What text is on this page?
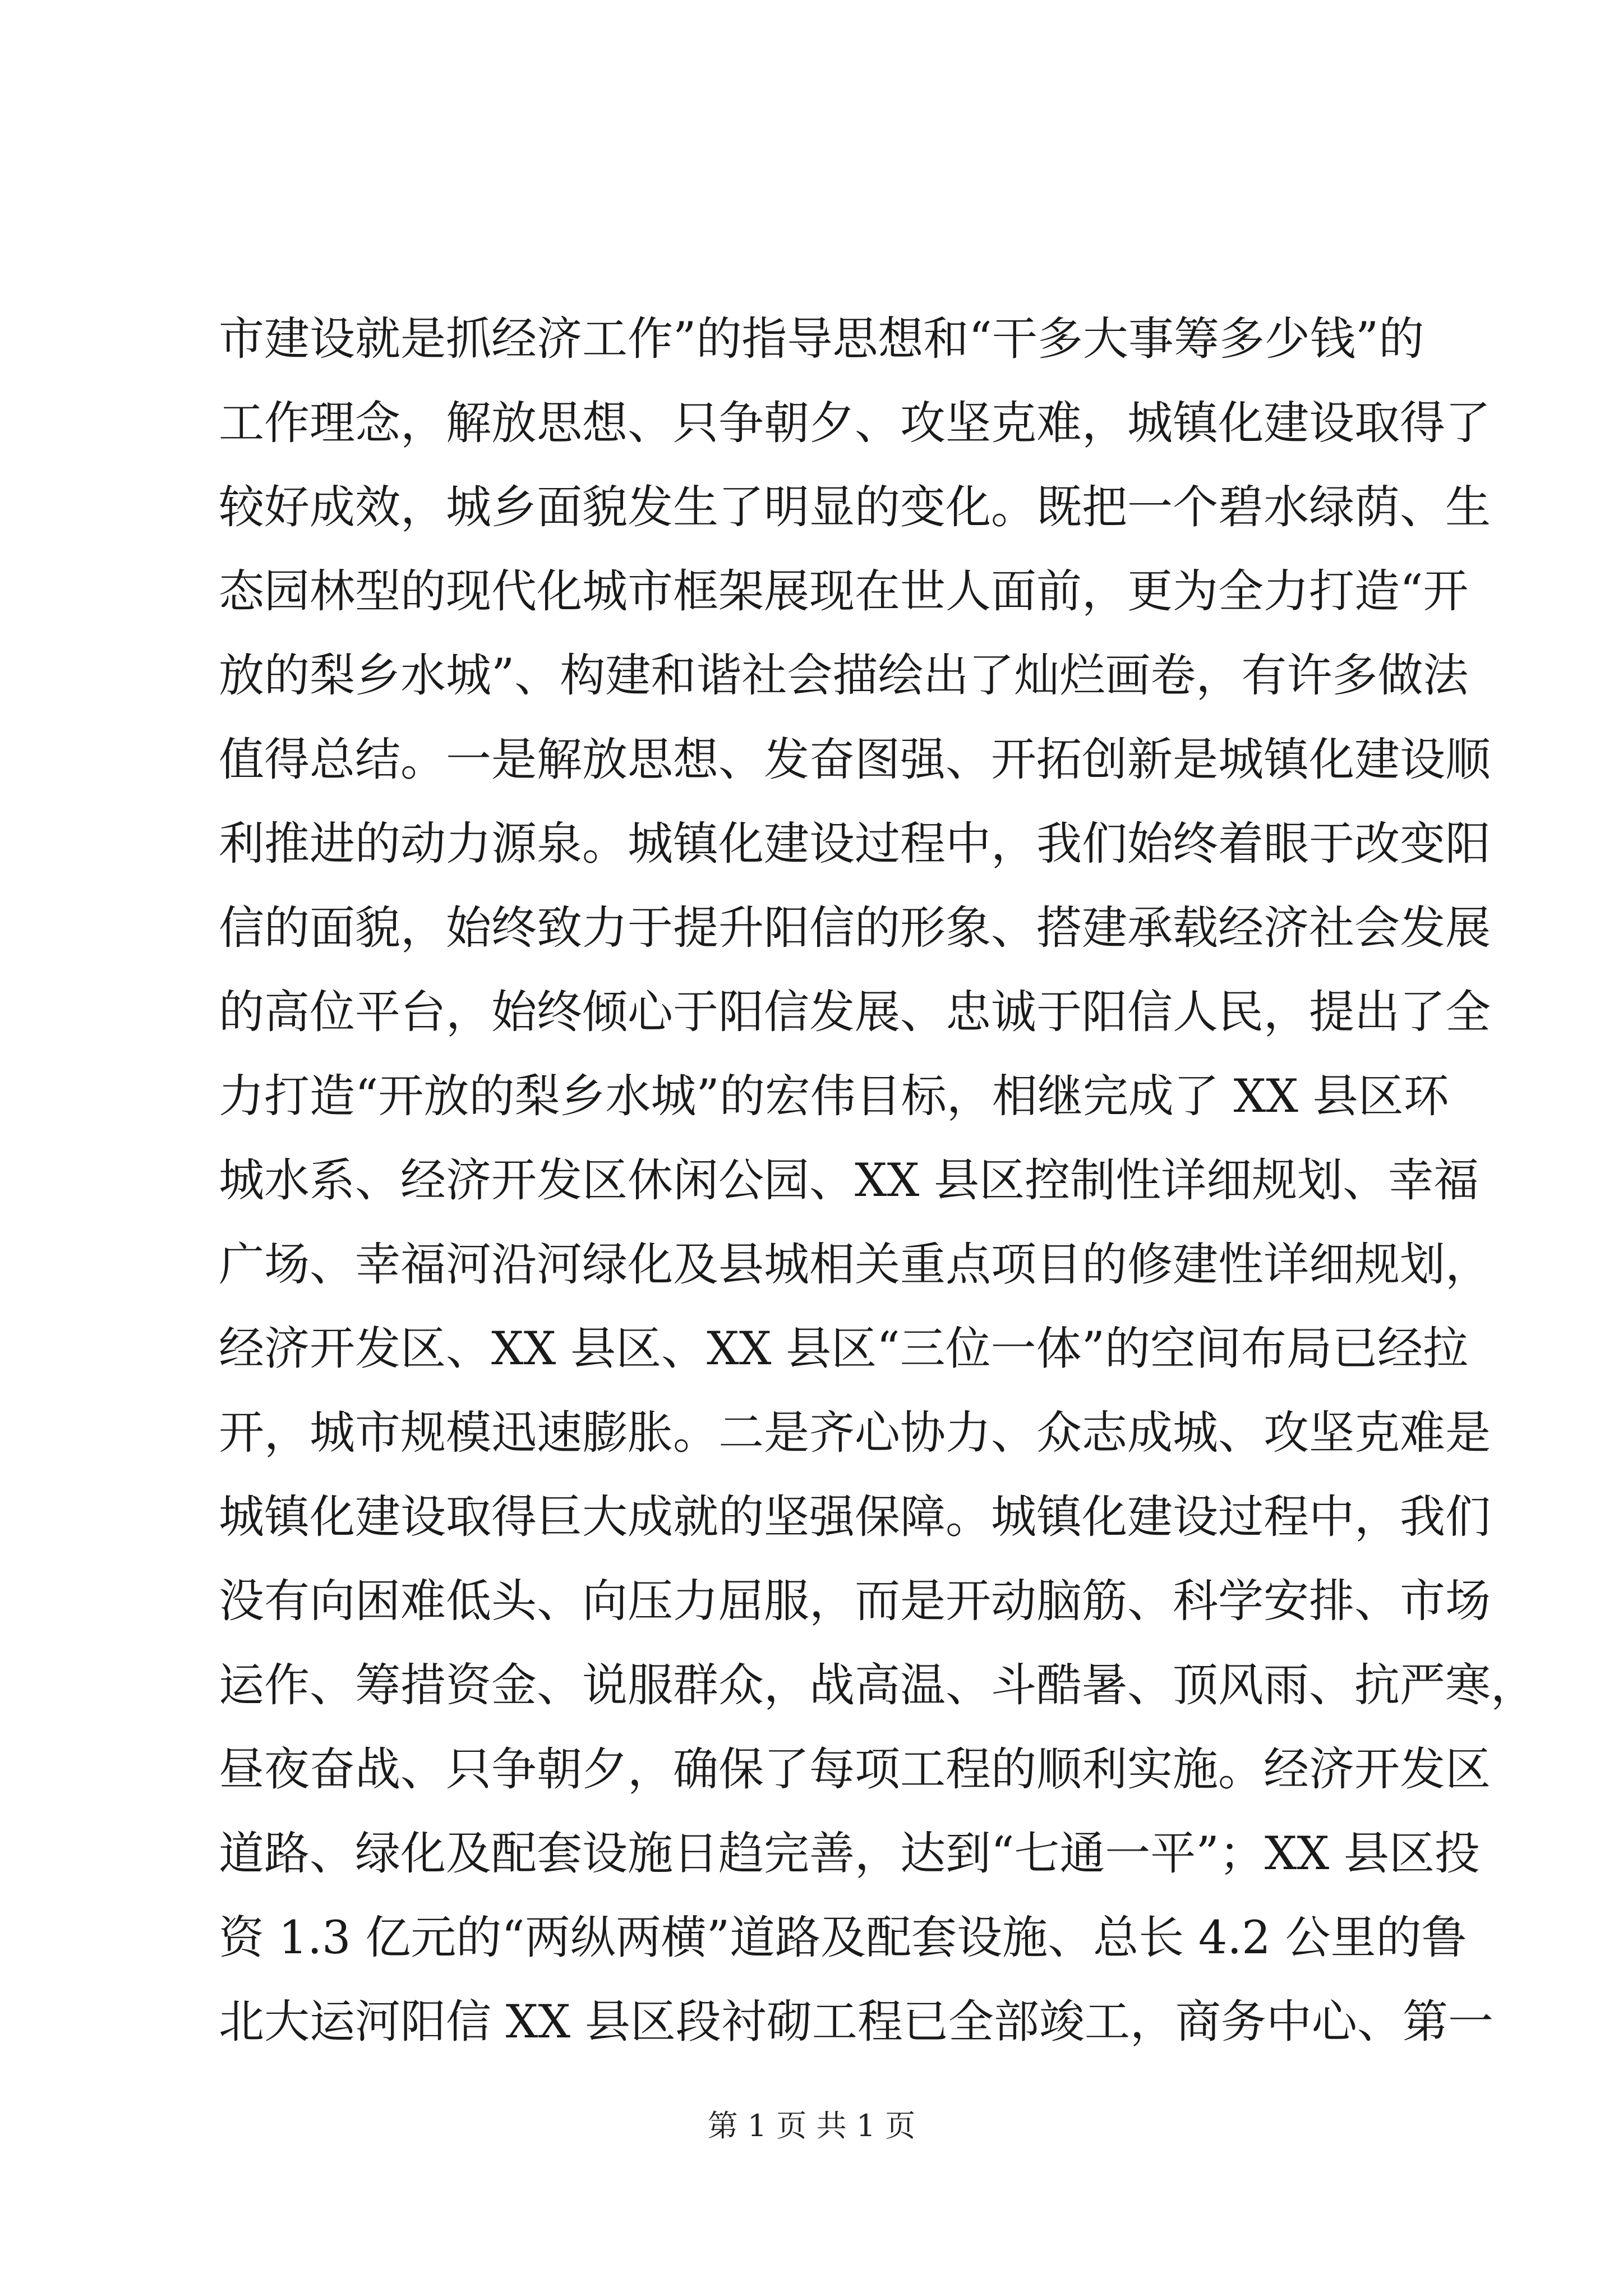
市建设就是抓经济工作”的指导思想和“干多大事筹多少钱”的
工作理念，解放思想、只争朝夕、攻坚克难，城镇化建设取得了
较好成效，城乡面貌发生了明显的变化。既把一个碧水绿荫、生
态园林型的现代化城市框架展现在世人面前，更为全力打造“开
放的梨乡水城”、构建和谐社会描绘出了灿烂画卷，有许多做法
值得总结。一是解放思想、发奋图强、开拓创新是城镇化建设顺
利推进的动力源泉。城镇化建设过程中，我们始终着眼于改变阳
信的面貌，始终致力于提升阳信的形象、搭建承载经济社会发展
的高位平台，始终倾心于阳信发展、忠诚于阳信人民，提出了全
力打造“开放的梨乡水城”的宏伟目标，相继完成了 XX 县区环
城水系、经济开发区休闲公园、XX 县区控制性详细规划、幸福
广场、幸福河沿河绿化及县城相关重点项目的修建性详细规划，
经济开发区、XX 县区、XX 县区“三位一体”的空间布局已经拉
开，城市规模迅速膨胀。二是齐心协力、众志成城、攻坚克难是
城镇化建设取得巨大成就的坚强保障。城镇化建设过程中，我们
没有向困难低头、向压力屈服，而是开动脑筋、科学安排、市场
运作、筹措资金、说服群众，战高温、斗酷暑、顶风雨、抗严寒，
昼夜奋战、只争朝夕，确保了每项工程的顺利实施。经济开发区
道路、绿化及配套设施日趋完善，达到“七通一平”；XX 县区投
资 1.3 亿元的“两纵两横”道路及配套设施、总长 4.2 公里的鲁
北大运河阳信 XX 县区段衬砌工程已全部竣工，商务中心、第一
第 1 页 共 1 页
